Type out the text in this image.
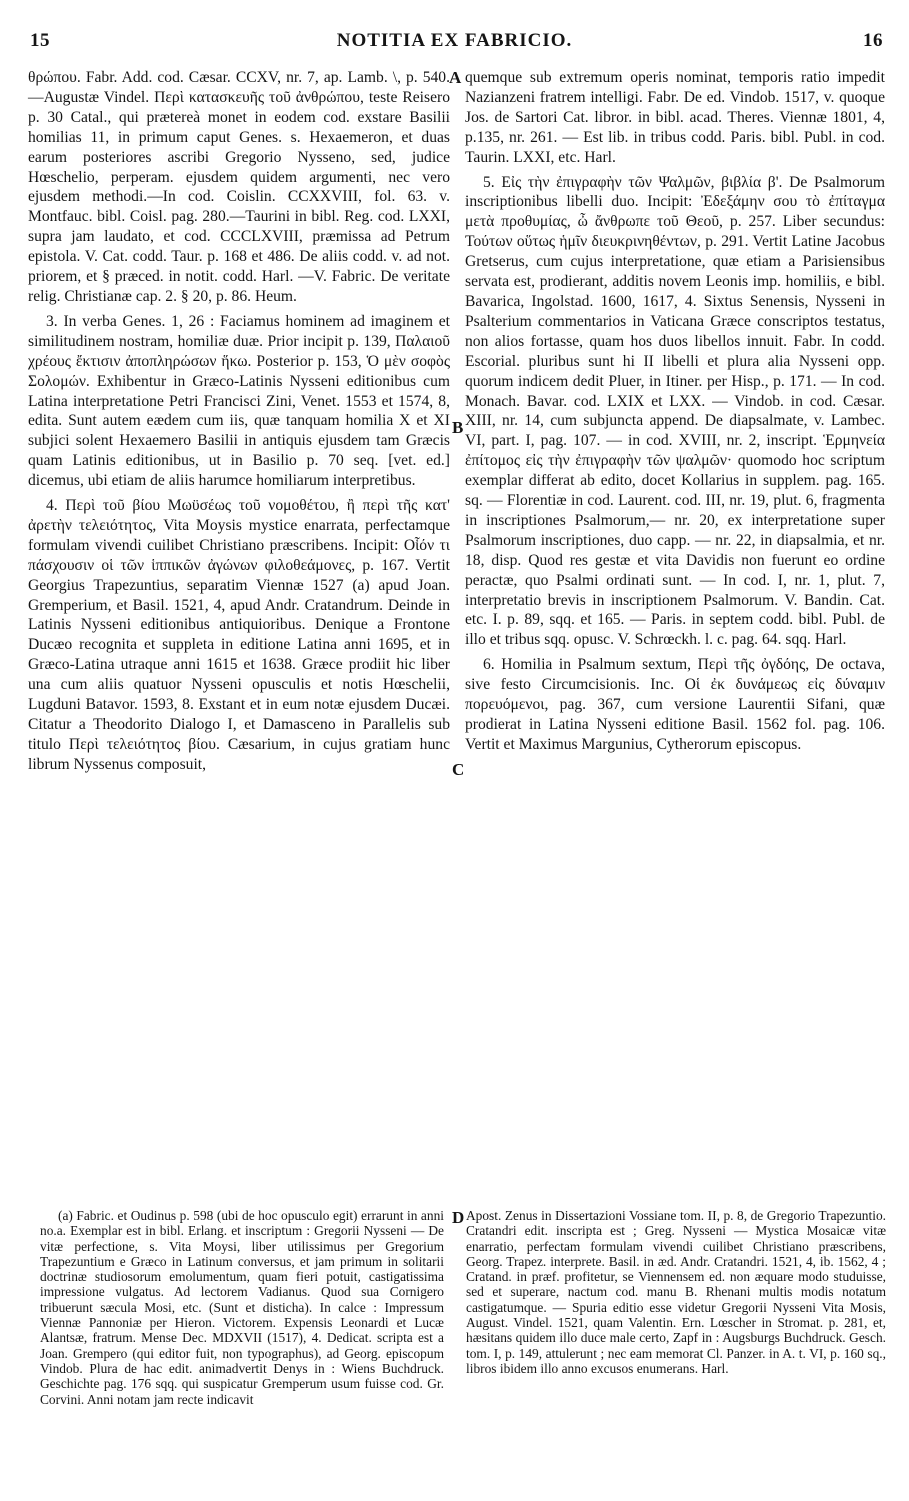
15	NOTITIA EX FABRICIO.	16

θρώπου. Fabr. Add. cod. Cæsar. CCXV, nr. 7, ap. Lamb. \, p. 540.—Augustæ Vindel. Περὶ κατασκευῆς τοῦ ἀνθρώπου, teste Reisero p. 30 Catal., qui prætereà monet in eodem cod. exstare Basilii homilias 11, in primum caput Genes. s. Hexaemeron, et duas earum posteriores ascribi Gregorio Nysseno, sed, judice Hœschelio, perperam. ejusdem quidem argumenti, nec vero ejusdem methodi.—In cod. Coislin. CCXXVIII, fol. 63. v. Montfauc. bibl. Coisl. pag. 280.—Taurini in bibl. Reg. cod. LXXI, supra jam laudato, et cod. CCCLXVIII, præmissa ad Petrum epistola. V. Cat. codd. Taur. p. 168 et 486. De aliis codd. v. ad not. priorem, et § præced. in notit. codd. Harl. —V. Fabric. De veritate relig. Christianæ cap. 2. § 20, p. 86. Heum.

3. In verba Genes. 1, 26 : Faciamus hominem ad imaginem et similitudinem nostram, homiliæ duæ. Prior incipit p. 139, Παλαιοῦ χρέους ἔκτισιν ἀποπληρώσων ἥκω. Posterior p. 153, Ὁ μὲν σοφὸς Σολομών. Exhibentur in Græco-Latinis Nysseni editionibus cum Latina interpretatione Petri Francisci Zini, Venet. 1553 et 1574, 8, edita. Sunt autem eædem cum iis, quæ tanquam homilia X et XI subjici solent Hexaemero Basilii in antiquis ejusdem tam Græcis quam Latinis editionibus, ut in Basilio p. 70 seq. [vet. ed.] dicemus, ubi etiam de aliis harumce homiliarum interpretibus.

4. Περὶ τοῦ βίου Μωϋσέως τοῦ νομοθέτου, ἢ περὶ τῆς κατ' ἀρετὴν τελειότητος, Vita Moysis mystice enarrata, perfectamque formulam vivendi cuilibet Christiano præscribens. Incipit: Οἷόν τι πάσχουσιν οἱ τῶν ἱππικῶν ἀγώνων φιλοθεάμονες, p. 167. Vertit Georgius Trapezuntius, separatim Viennæ 1527 (a) apud Joan. Gremperium, et Basil. 1521, 4, apud Andr. Cratandrum. Deinde in Latinis Nysseni editionibus antiquioribus. Denique a Frontone Ducæo recognita et suppleta in editione Latina anni 1695, et in Græco-Latina utraque anni 1615 et 1638. Græce prodiit hic liber una cum aliis quatuor Nysseni opusculis et notis Hœschelii, Lugduni Batavor. 1593, 8. Exstant et in eum notæ ejusdem Ducæi. Citatur a Theodorito Dialogo I, et Damasceno in Parallelis sub titulo Περὶ τελειότητος βίου. Cæsarium, in cujus gratiam hunc librum Nyssenus composuit,

A
B
C
D

quemque sub extremum operis nominat, temporis ratio impedit Nazianzeni fratrem intelligi. Fabr. De ed. Vindob. 1517, v. quoque Jos. de Sartori Cat. libror. in bibl. acad. Theres. Viennæ 1801, 4, p.135, nr. 261. — Est lib. in tribus codd. Paris. bibl. Publ. in cod. Taurin. LXXI, etc. Harl.

5. Εἰς τὴν ἐπιγραφὴν τῶν Ψαλμῶν, βιβλία β'. De Psalmorum inscriptionibus libelli duo. Incipit: Ἐδεξάμην σου τὸ ἐπίταγμα μετὰ προθυμίας, ὦ ἄνθρωπε τοῦ Θεοῦ, p. 257. Liber secundus: Τούτων οὕτως ἡμῖν διευκρινηθέντων, p. 291. Vertit Latine Jacobus Gretserus, cum cujus interpretatione, quæ etiam a Parisiensibus servata est, prodierant, additis novem Leonis imp. homiliis, e bibl. Bavarica, Ingolstad. 1600, 1617, 4. Sixtus Senensis, Nysseni in Psalterium commentarios in Vaticana Græce conscriptos testatus, non alios fortasse, quam hos duos libellos innuit. Fabr. In codd. Escorial. pluribus sunt hi II libelli et plura alia Nysseni opp. quorum indicem dedit Pluer, in Itiner. per Hisp., p. 171. — In cod. Monach. Bavar. cod. LXIX et LXX. — Vindob. in cod. Cæsar. XIII, nr. 14, cum subjuncta append. De diapsalmate, v. Lambec. VI, part. I, pag. 107. — in cod. XVIII, nr. 2, inscript. Ἑρμηνεία ἐπίτομος εἰς τὴν ἐπιγραφὴν τῶν ψαλμῶν· quomodo hoc scriptum exemplar differat ab edito, docet Kollarius in supplem. pag. 165. sq. — Florentiæ in cod. Laurent. cod. III, nr. 19, plut. 6, fragmenta in inscriptiones Psalmorum,— nr. 20, ex interpretatione super Psalmorum inscriptiones, duo capp. — nr. 22, in diapsalmia, et nr. 18, disp. Quod res gestæ et vita Davidis non fuerunt eo ordine peractæ, quo Psalmi ordinati sunt. — In cod. I, nr. 1, plut. 7, interpretatio brevis in inscriptionem Psalmorum. V. Bandin. Cat. etc. I. p. 89, sqq. et 165. — Paris. in septem codd. bibl. Publ. de illo et tribus sqq. opusc. V. Schrœckh. l. c. pag. 64. sqq. Harl.

6. Homilia in Psalmum sextum, Περὶ τῆς ὀγδόης, De octava, sive festo Circumcisionis. Inc. Οἱ ἐκ δυνάμεως εἰς δύναμιν πορευόμενοι, pag. 367, cum versione Laurentii Sifani, quæ prodierat in Latina Nysseni editione Basil. 1562 fol. pag. 106. Vertit et Maximus Margunius, Cytherorum episcopus.

(a) Fabric. et Oudinus p. 598 (ubi de hoc opusculo egit) errarunt in anni no.a. Exemplar est in bibl. Erlang. et inscriptum : Gregorii Nysseni — De vitæ perfectione, s. Vita Moysi, liber utilissimus per Gregorium Trapezuntium e Græco in Latinum conversus, et jam primum in solitarii doctrinæ studiosorum emolumentum, quam fieri potuit, castigatissima impressione vulgatus. Ad lectorem Vadianus. Quod sua Cornigero tribuerunt sæcula Mosi, etc. (Sunt et disticha). In calce : Impressum Viennæ Pannoniæ per Hieron. Victorem. Expensis Leonardi et Lucæ Alantsæ, fratrum. Mense Dec. MDXVII (1517), 4. Dedicat. scripta est a Joan. Grempero (qui editor fuit, non typographus), ad Georg. episcopum Vindob. Plura de hac edit. animadvertit Denys in : Wiens Buchdruck. Geschichte pag. 176 sqq. qui suspicatur Gremperum usum fuisse cod. Gr. Corvini. Anni notam jam recte indicavit

Apost. Zenus in Dissertazioni Vossiane tom. II, p. 8, de Gregorio Trapezuntio. Cratandri edit. inscripta est ; Greg. Nysseni — Mystica Mosaicæ vitæ enarratio, perfectam formulam vivendi cuilibet Christiano præscribens, Georg. Trapez. interprete. Basil. in æd. Andr. Cratandri. 1521, 4, ib. 1562, 4 ; Cratand. in præf. profitetur, se Viennensem ed. non æquare modo studuisse, sed et superare, nactum cod. manu B. Rhenani multis modis notatum castigatumque. — Spuria editio esse videtur Gregorii Nysseni Vita Mosis, August. Vindel. 1521, quam Valentin. Ern. Lœscher in Stromat. p. 281, et, hæsitans quidem illo duce male certo, Zapf in : Augsburgs Buchdruck. Gesch. tom. I, p. 149, attulerunt ; nec eam memorat Cl. Panzer. in A. t. VI, p. 160 sq., libros ibidem illo anno excusos enumerans. Harl.
